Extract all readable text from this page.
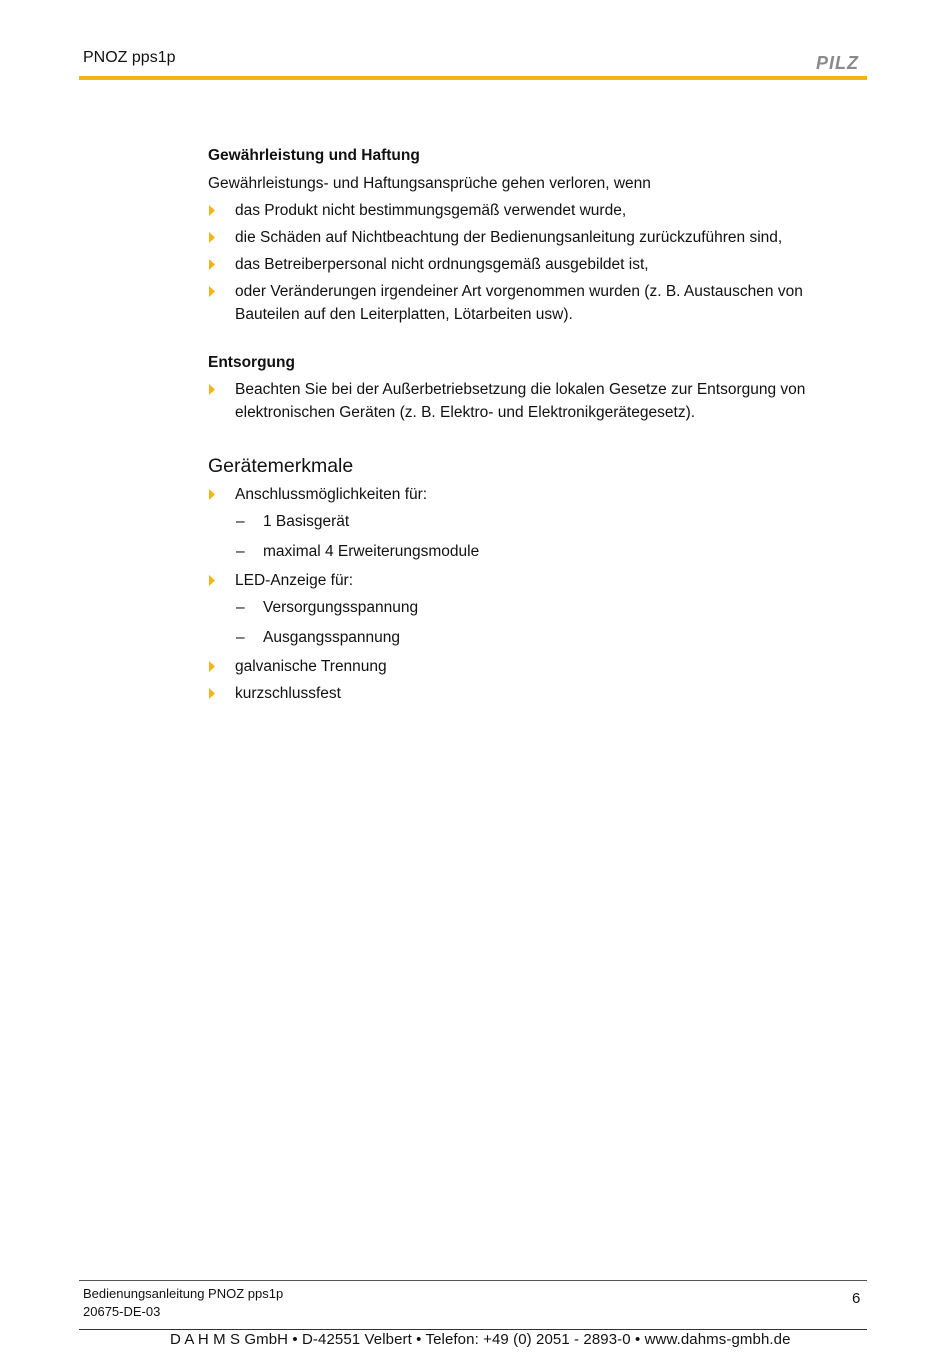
PNOZ pps1p	PILZ
Gewährleistung und Haftung

Gewährleistungs- und Haftungsansprüche gehen verloren, wenn

das Produkt nicht bestimmungsgemäß verwendet wurde,
die Schäden auf Nichtbeachtung der Bedienungsanleitung zurückzuführen sind,
das Betreiberpersonal nicht ordnungsgemäß ausgebildet ist,
oder Veränderungen irgendeiner Art vorgenommen wurden (z. B. Austauschen von Bauteilen auf den Leiterplatten, Lötarbeiten usw).
Entsorgung
Beachten Sie bei der Außerbetriebsetzung die lokalen Gesetze zur Entsorgung von elektronischen Geräten (z. B. Elektro- und Elektronikgerätegesetz).
Gerätemerkmale
Anschlussmöglichkeiten für:
– 1 Basisgerät
– maximal 4 Erweiterungsmodule
LED-Anzeige für:
– Versorgungsspannung
– Ausgangsspannung
galvanische Trennung
kurzschlussfest
Bedienungsanleitung PNOZ pps1p
20675-DE-03
6
D A H M S GmbH • D-42551 Velbert • Telefon: +49 (0) 2051 - 2893-0 • www.dahms-gmbh.de
